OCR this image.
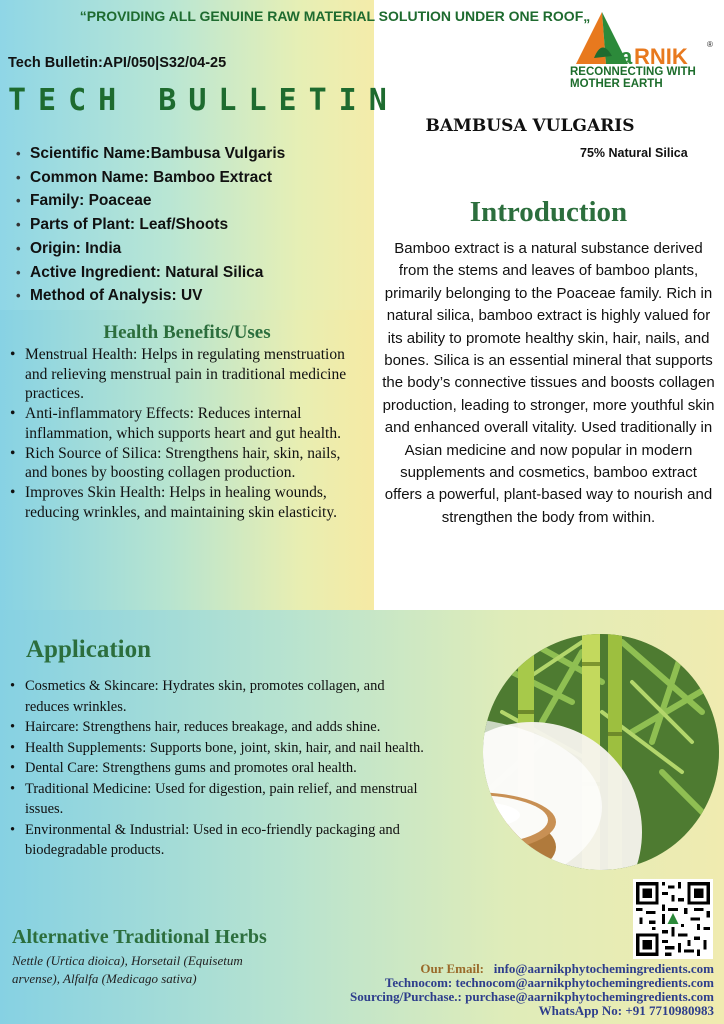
“PROVIDING ALL GENUINE RAW MATERIAL SOLUTION UNDER ONE ROOF„
a RNIK ®
RECONNECTING WITH
MOTHER EARTH
Tech Bulletin:API/050|S32/04-25
TECH BULLETIN
• Scientific Name:Bambusa Vulgaris
• Common Name: Bamboo Extract
• Family: Poaceae
• Parts of Plant: Leaf/Shoots
• Origin: India
• Active Ingredient: Natural Silica
• Method of Analysis: UV
BAMBUSA VULGARIS
75% Natural Silica
Introduction
Bamboo extract is a natural substance derived from the stems and leaves of bamboo plants, primarily belonging to the Poaceae family. Rich in natural silica, bamboo extract is highly valued for its ability to promote healthy skin, hair, nails, and bones. Silica is an essential mineral that supports the body’s connective tissues and boosts collagen production, leading to stronger, more youthful skin and enhanced overall vitality. Used traditionally in Asian medicine and now popular in modern supplements and cosmetics, bamboo extract offers a powerful, plant-based way to nourish and strengthen the body from within.
Health Benefits/Uses
• Menstrual Health: Helps in regulating menstruation and relieving menstrual pain in traditional medicine practices.
• Anti-inflammatory Effects: Reduces internal inflammation, which supports heart and gut health.
• Rich Source of Silica: Strengthens hair, skin, nails, and bones by boosting collagen production.
• Improves Skin Health: Helps in healing wounds, reducing wrinkles, and maintaining skin elasticity.
Application
• Cosmetics & Skincare: Hydrates skin, promotes collagen, and reduces wrinkles.
• Haircare: Strengthens hair, reduces breakage, and adds shine.
• Health Supplements: Supports bone, joint, skin, hair, and nail health.
• Dental Care: Strengthens gums and promotes oral health.
• Traditional Medicine: Used for digestion, pain relief, and menstrual issues.
• Environmental & Industrial: Used in eco-friendly packaging and biodegradable products.
Alternative Traditional Herbs
Nettle (Urtica dioica), Horsetail (Equisetum arvense), Alfalfa (Medicago sativa)
Our Email: info@aarnikphytochemingredients.com
Technocom: technocom@aarnikphytochemingredients.com
Sourcing/Purchase.: purchase@aarnikphytochemingredients.com
WhatsApp No: +91 7710980983
